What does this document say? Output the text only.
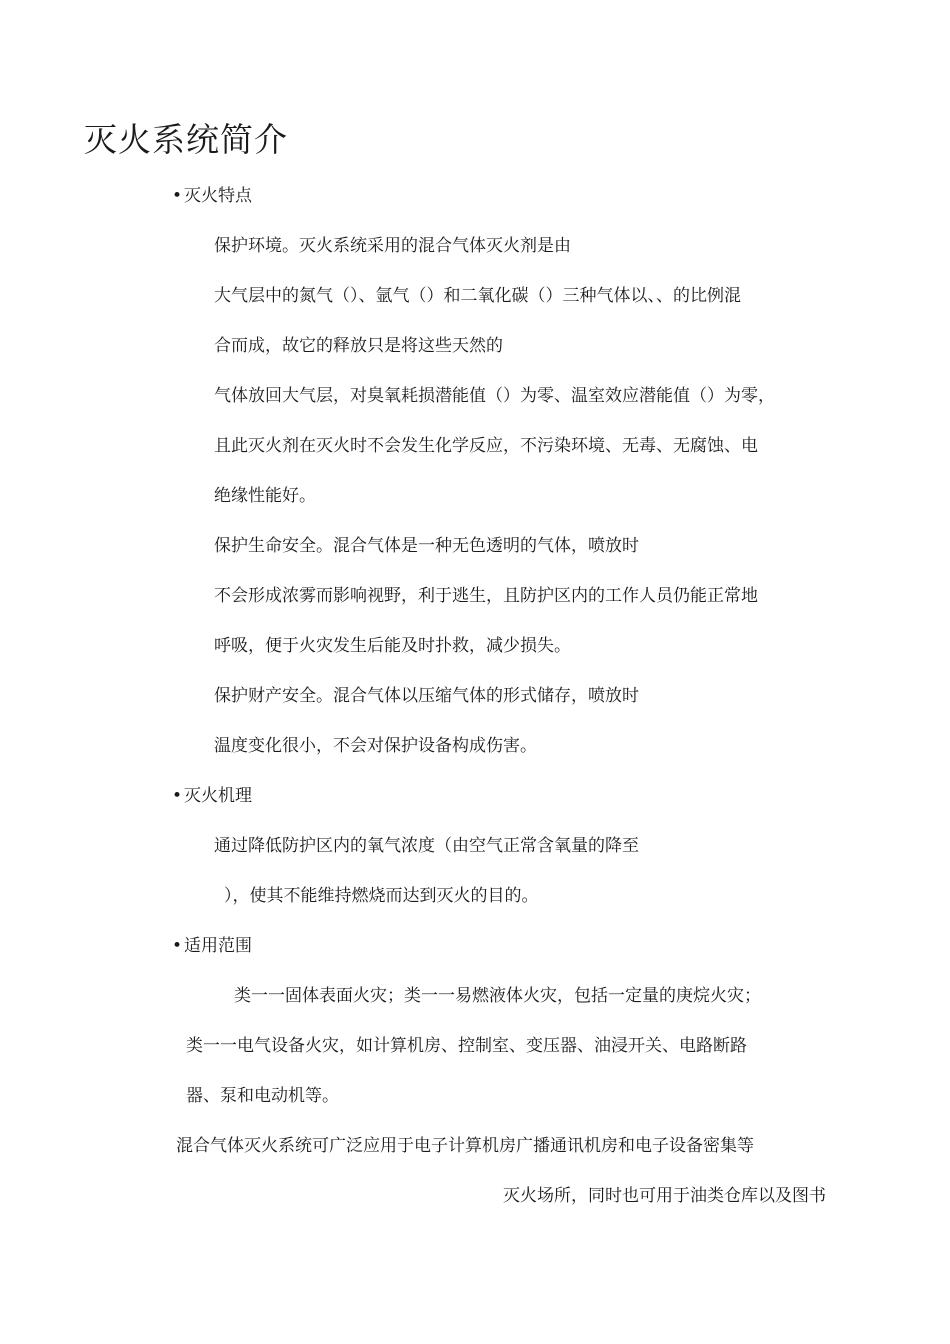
灭火系统简介
• 灭火特点
保护环境。灭火系统采用的混合气体灭火剂是由
大气层中的氮气（）、氩气（）和二氧化碳（）三种气体以、、的比例混
合而成，故它的释放只是将这些天然的
气体放回大气层，对臭氧耗损潜能值（）为零、温室效应潜能值（）为零，
且此灭火剂在灭火时不会发生化学反应，不污染环境、无毒、无腐蚀、电
绝缘性能好。
保护生命安全。混合气体是一种无色透明的气体，喷放时
不会形成浓雾而影响视野，利于逃生，且防护区内的工作人员仍能正常地
呼吸，便于火灾发生后能及时扑救，减少损失。
保护财产安全。混合气体以压缩气体的形式储存，喷放时
温度变化很小，不会对保护设备构成伤害。
• 灭火机理
通过降低防护区内的氧气浓度（由空气正常含氧量的降至
），使其不能维持燃烧而达到灭火的目的。
• 适用范围
类一一固体表面火灾；类一一易燃液体火灾，包括一定量的庚烷火灾；
类一一电气设备火灾，如计算机房、控制室、变压器、油浸开关、电路断路
器、泵和电动机等。
混合气体灭火系统可广泛应用于电子计算机房广播通讯机房和电子设备密集等
灭火场所，同时也可用于油类仓库以及图书
